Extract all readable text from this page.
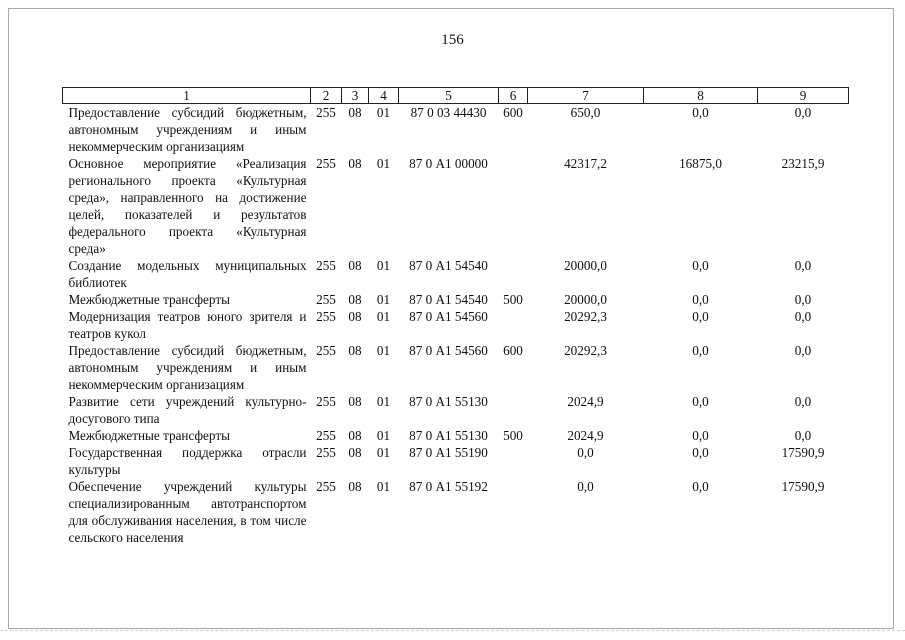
156
1	2	3	4	5	6	7	8	9
Предоставление субсидий бюджетным, автономным учреждениям и иным некоммерческим организациям	255	08	01	87 0 03 44430	600	650,0	0,0	0,0
Основное мероприятие «Реализация регионального проекта «Культурная среда», направленного на достижение целей, показателей и результатов федерального проекта «Культурная среда»	255	08	01	87 0 А1 00000		42317,2	16875,0	23215,9
Создание модельных муниципальных библиотек	255	08	01	87 0 А1 54540		20000,0	0,0	0,0
Межбюджетные трансферты	255	08	01	87 0 А1 54540	500	20000,0	0,0	0,0
Модернизация театров юного зрителя и театров кукол	255	08	01	87 0 А1 54560		20292,3	0,0	0,0
Предоставление субсидий бюджетным, автономным учреждениям и иным некоммерческим организациям	255	08	01	87 0 А1 54560	600	20292,3	0,0	0,0
Развитие сети учреждений культурно-досугового типа	255	08	01	87 0 А1 55130		2024,9	0,0	0,0
Межбюджетные трансферты	255	08	01	87 0 А1 55130	500	2024,9	0,0	0,0
Государственная поддержка отрасли культуры	255	08	01	87 0 А1 55190		0,0	0,0	17590,9
Обеспечение учреждений культуры специализированным автотранспортом для обслуживания населения, в том числе сельского населения	255	08	01	87 0 А1 55192		0,0	0,0	17590,9
